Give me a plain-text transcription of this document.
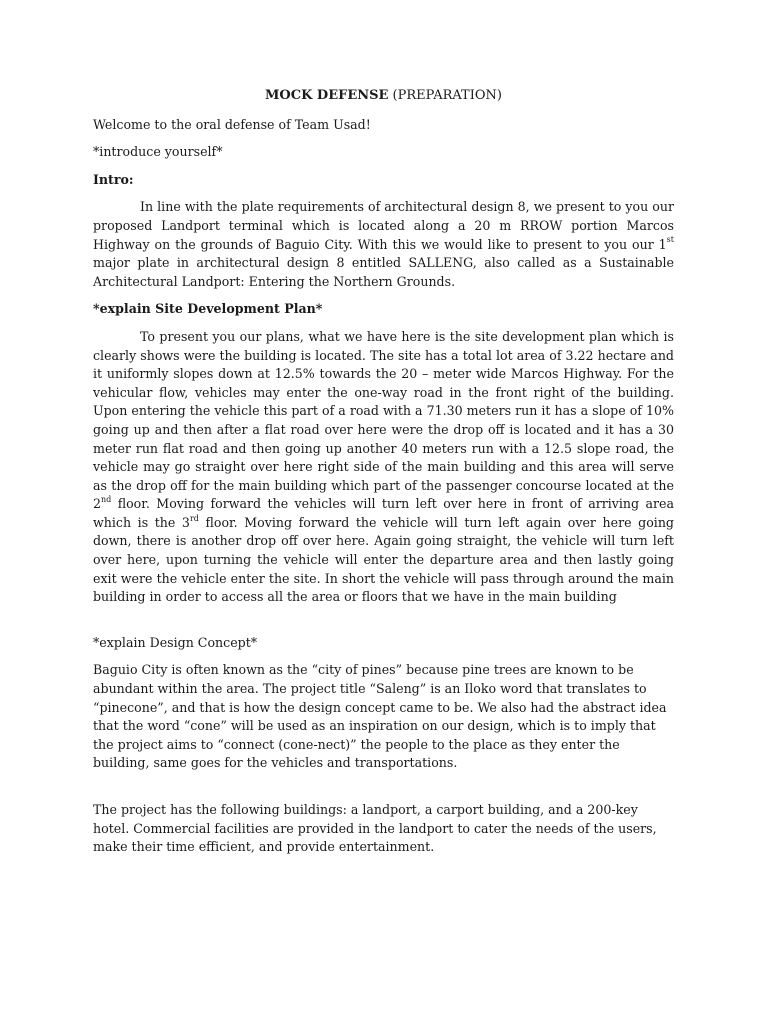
MOCK DEFENSE (PREPARATION)

Welcome to the oral defense of Team Usad!

*introduce yourself*

Intro:

In line with the plate requirements of architectural design 8, we present to you our proposed Landport terminal which is located along a 20 m RROW portion Marcos Highway on the grounds of Baguio City. With this we would like to present to you our 1st major plate in architectural design 8 entitled SALLENG, also called as a Sustainable Architectural Landport: Entering the Northern Grounds.

*explain Site Development Plan*

To present you our plans, what we have here is the site development plan which is clearly shows were the building is located. The site has a total lot area of 3.22 hectare and it uniformly slopes down at 12.5% towards the 20 – meter wide Marcos Highway. For the vehicular flow, vehicles may enter the one-way road in the front right of the building. Upon entering the vehicle this part of a road with a 71.30 meters run it has a slope of 10% going up and then after a flat road over here were the drop off is located and it has a 30 meter run flat road and then going up another 40 meters run with a 12.5 slope road, the vehicle may go straight over here right side of the main building and this area will serve as the drop off for the main building which part of the passenger concourse located at the 2nd floor. Moving forward the vehicles will turn left over here in front of arriving area which is the 3rd floor. Moving forward the vehicle will turn left again over here going down, there is another drop off over here. Again going straight, the vehicle will turn left over here, upon turning the vehicle will enter the departure area and then lastly going exit were the vehicle enter the site. In short the vehicle will pass through around the main building in order to access all the area or floors that we have in the main building

*explain Design Concept*

Baguio City is often known as the “city of pines” because pine trees are known to be abundant within the area. The project title “Saleng” is an Iloko word that translates to “pinecone”, and that is how the design concept came to be. We also had the abstract idea that the word “cone” will be used as an inspiration on our design, which is to imply that the project aims to “connect (cone-nect)” the people to the place as they enter the building, same goes for the vehicles and transportations.

The project has the following buildings: a landport, a carport building, and a 200-key hotel. Commercial facilities are provided in the landport to cater the needs of the users, make their time efficient, and provide entertainment.
